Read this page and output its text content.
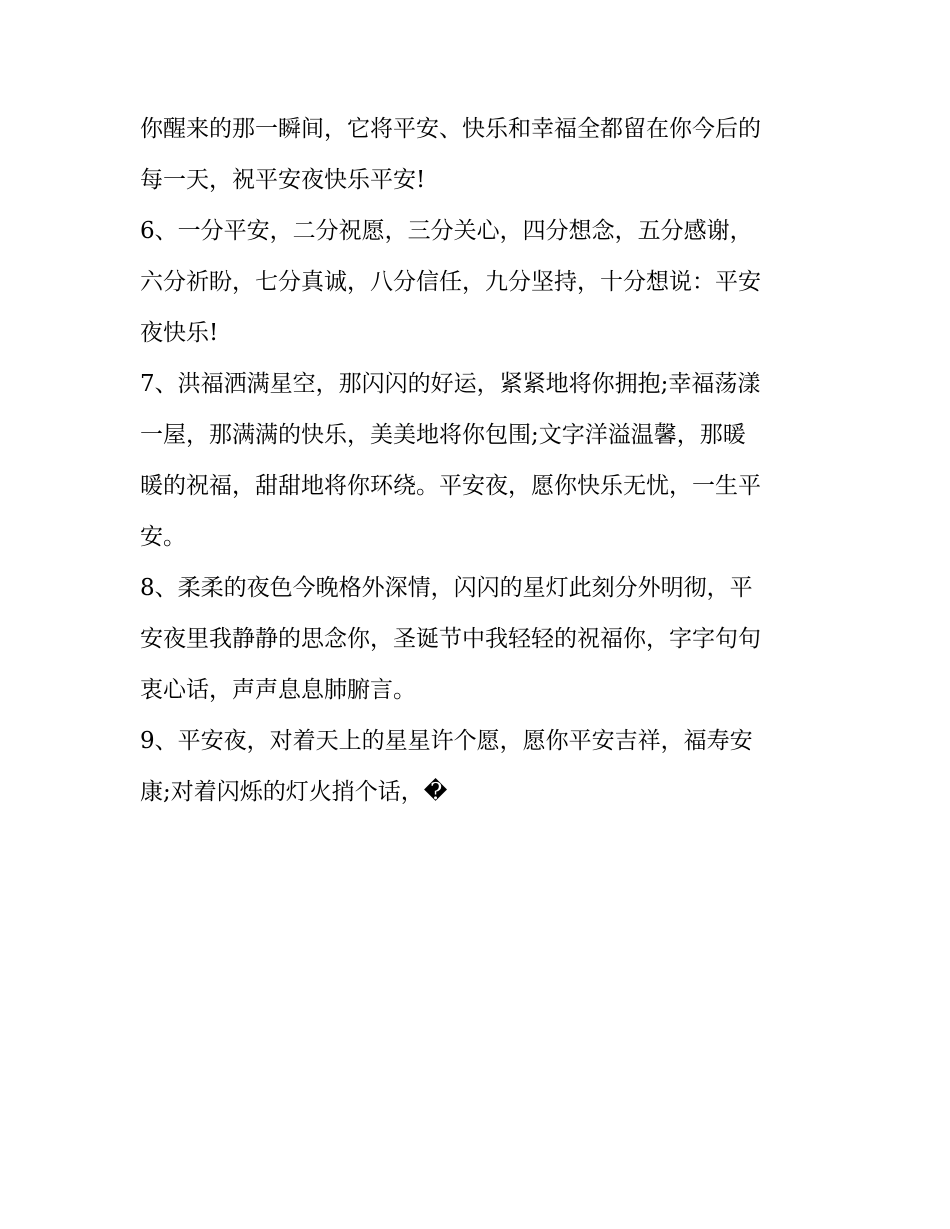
你醒来的那一瞬间，它将平安、快乐和幸福全都留在你今后的
每一天，祝平安夜快乐平安!
6、一分平安，二分祝愿，三分关心，四分想念，五分感谢，
六分祈盼，七分真诚，八分信任，九分坚持，十分想说：平安
夜快乐!
7、洪福洒满星空，那闪闪的好运，紧紧地将你拥抱;幸福荡漾
一屋，那满满的快乐，美美地将你包围;文字洋溢温馨，那暖
暖的祝福，甜甜地将你环绕。平安夜，愿你快乐无忧，一生平
安。
8、柔柔的夜色今晚格外深情，闪闪的星灯此刻分外明彻，平
安夜里我静静的思念你，圣诞节中我轻轻的祝福你，字字句句
衷心话，声声息息肺腑言。
9、平安夜，对着天上的星星许个愿，愿你平安吉祥，福寿安
康;对着闪烁的灯火捎个话，�
